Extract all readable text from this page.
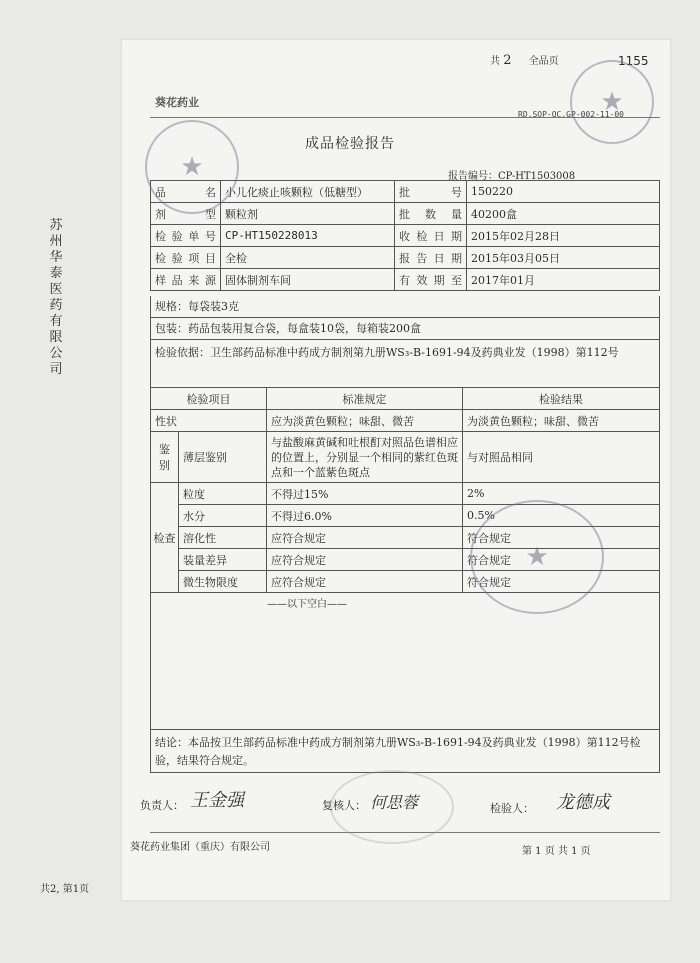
苏州华泰医药有限公司
共2, 第1页
共 2 全品页	1155
葵花药业
RD.SOP-QC.GP-002-11-00
成品检验报告
报告编号：CP-HT1503008
品　　名	小儿化痰止咳颗粒（低糖型）	批　　号	150220
剂　　型	颗粒剂	批 数 量	40200盒
检验单号	CP-HT150228013	收检日期	2015年02月28日
检验项目	全检	报告日期	2015年03月05日
样品来源	固体制剂车间	有效期至	2017年01月
规格：每袋装3克
包装：药品包装用复合袋，每盒装10袋，每箱装200盒
检验依据：卫生部药品标准中药成方制剂第九册WS₃-B-1691-94及药典业发（1998）第112号
检验项目		标准规定	检验结果
性状		应为淡黄色颗粒；味甜、微苦	为淡黄色颗粒；味甜、微苦
鉴别	薄层鉴别	与盐酸麻黄碱和吐根酊对照品色谱相应的位置上，分别显一个相同的紫红色斑点和一个蓝紫色斑点	与对照品相同
检查	粒度	不得过15%	2%
	水分	不得过6.0%	0.5%
	溶化性	应符合规定	符合规定
	装量差异	应符合规定	符合规定
	微生物限度	应符合规定	符合规定

——以下空白——			
结论：本品按卫生部药品标准中药成方制剂第九册WS₃-B-1691-94及药典业发（1998）第112号检验，结果符合规定。
负责人： 王金强	复核人： 何思蓉	检验人： 龙德成
葵花药业集团（重庆）有限公司	第 1 页 共 1 页
★
★
★
